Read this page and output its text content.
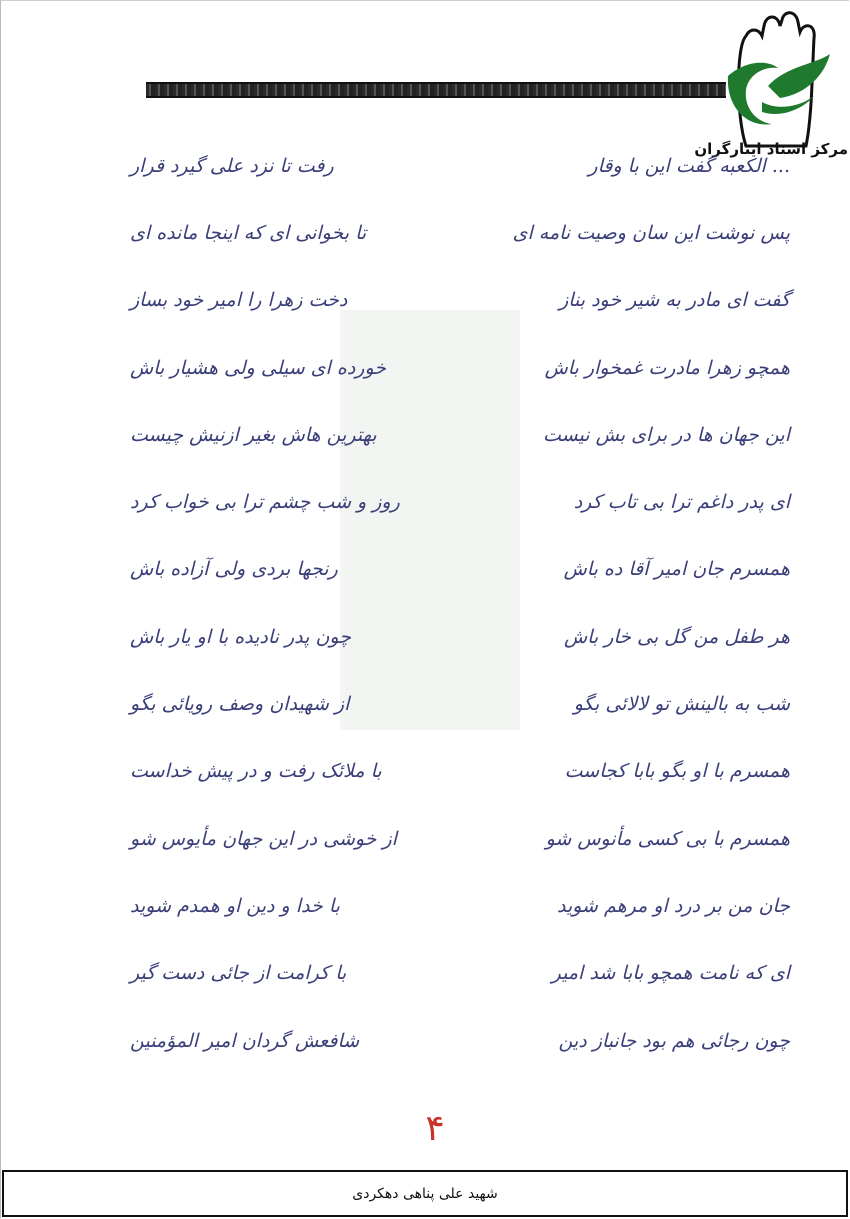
مرکز اسناد ایثارگران
... الکعبه گفت این با وقار
رفت تا نزد علی گیرد قرار
پس نوشت این سان وصیت نامه ای
تا بخوانی ای که اینجا مانده ای
گفت ای مادر به شیر خود بناز
دخت زهرا را امیر خود بساز
همچو زهرا مادرت غمخوار باش
خورده ای سیلی ولی هشیار باش
این جهان ها در برای بش نیست
بهترین هاش بغیر ازنیش چیست
ای پدر داغم ترا بی تاب کرد
روز و شب چشم ترا بی خواب کرد
همسرم جان امیر آقا ده باش
رنجها بردی ولی آزاده باش
هر طفل من گل بی خار باش
چون پدر نادیده با او یار باش
شب به بالینش تو لالائی بگو
از شهیدان وصف رویائی بگو
همسرم با او بگو بابا کجاست
با ملائک رفت و در پیش خداست
همسرم با بی کسی مأنوس شو
از خوشی در این جهان مأیوس شو
جان من بر درد او مرهم شوید
با خدا و دین او همدم شوید
ای که نامت همچو بابا شد امیر
با کرامت از جائی دست گیر
چون رجائی هم بود جانباز دین
شافعش گردان امیر المؤمنین
۴
شهید علی پناهی دهکردی
